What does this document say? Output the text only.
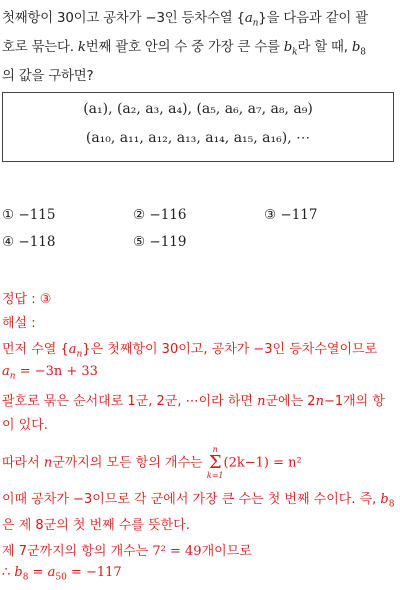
첫째항이 30이고 공차가 −3인 등차수열 $\{a_n\}$을 다음과 같이 괄
호로 묶는다. k번째 괄호 안의 수 중 가장 큰 수를 $b_k$라 할 때, $b_8$
의 값을 구하면?
(a₁), (a₂, a₃, a₄), (a₅, a₆, a₇, a₈, a₉)
(a₁₀, a₁₁, a₁₂, a₁₃, a₁₄, a₁₅, a₁₆), ⋯
① −115	② −116	③ −117
④ −118	⑤ −119
정답 : ③
해설 :
먼저 수열 $\{a_n\}$은 첫째항이 30이고, 공차가 −3인 등차수열이므로
$a_n = -3n + 33$
괄호로 묶은 순서대로 1군, 2군, ⋯이라 하면 n군에는 2n−1개의 항
이 있다.
따라서 n군까지의 모든 항의 개수는
n
Σ
k=1
(2k−1) = n²
이때 공차가 −3이므로 각 군에서 가장 큰 수는 첫 번째 수이다. 즉, $b_8$
은 제 8군의 첫 번째 수를 뜻한다.
제 7군까지의 항의 개수는 7² = 49개이므로
∴ $b_8 = a_{50} = -117$
